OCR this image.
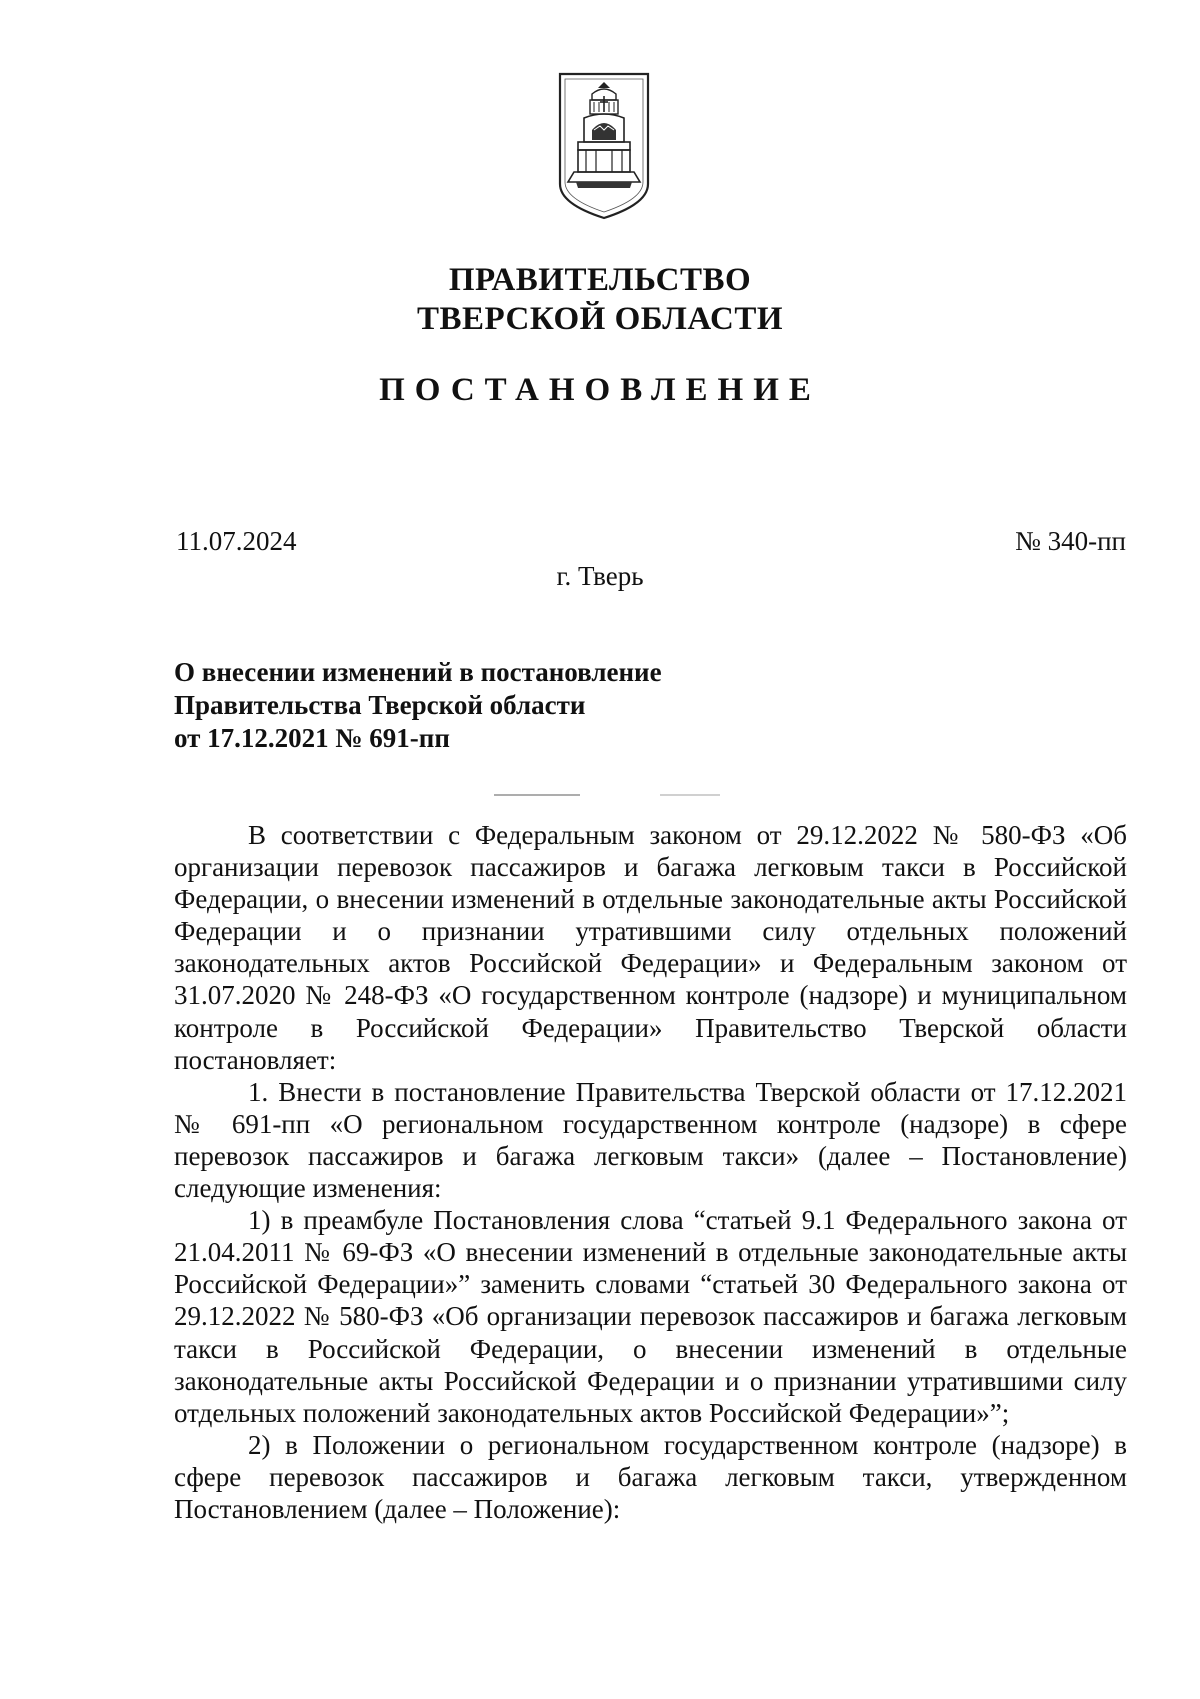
ПРАВИТЕЛЬСТВО
ТВЕРСКОЙ ОБЛАСТИ
ПОСТАНОВЛЕНИЕ
11.07.2024	№ 340-пп
г. Тверь
О внесении изменений в постановление
Правительства Тверской области
от 17.12.2021 № 691-пп

В соответствии с Федеральным законом от 29.12.2022 № 580-ФЗ «Об организации перевозок пассажиров и багажа легковым такси в Российской Федерации, о внесении изменений в отдельные законодательные акты Российской Федерации и о признании утратившими силу отдельных положений законодательных актов Российской Федерации» и Федеральным законом от 31.07.2020 № 248-ФЗ «О государственном контроле (надзоре) и муниципальном контроле в Российской Федерации» Правительство Тверской области постановляет:

1. Внести в постановление Правительства Тверской области от 17.12.2021 № 691-пп «О региональном государственном контроле (надзоре) в сфере перевозок пассажиров и багажа легковым такси» (далее – Постановление) следующие изменения:

1) в преамбуле Постановления слова “статьей 9.1 Федерального закона от 21.04.2011 № 69-ФЗ «О внесении изменений в отдельные законодательные акты Российской Федерации»” заменить словами “статьей 30 Федерального закона от 29.12.2022 № 580-ФЗ «Об организации перевозок пассажиров и багажа легковым такси в Российской Федерации, о внесении изменений в отдельные законодательные акты Российской Федерации и о признании утратившими силу отдельных положений законодательных актов Российской Федерации»”;

2) в Положении о региональном государственном контроле (надзоре) в сфере перевозок пассажиров и багажа легковым такси, утвержденном Постановлением (далее – Положение):
